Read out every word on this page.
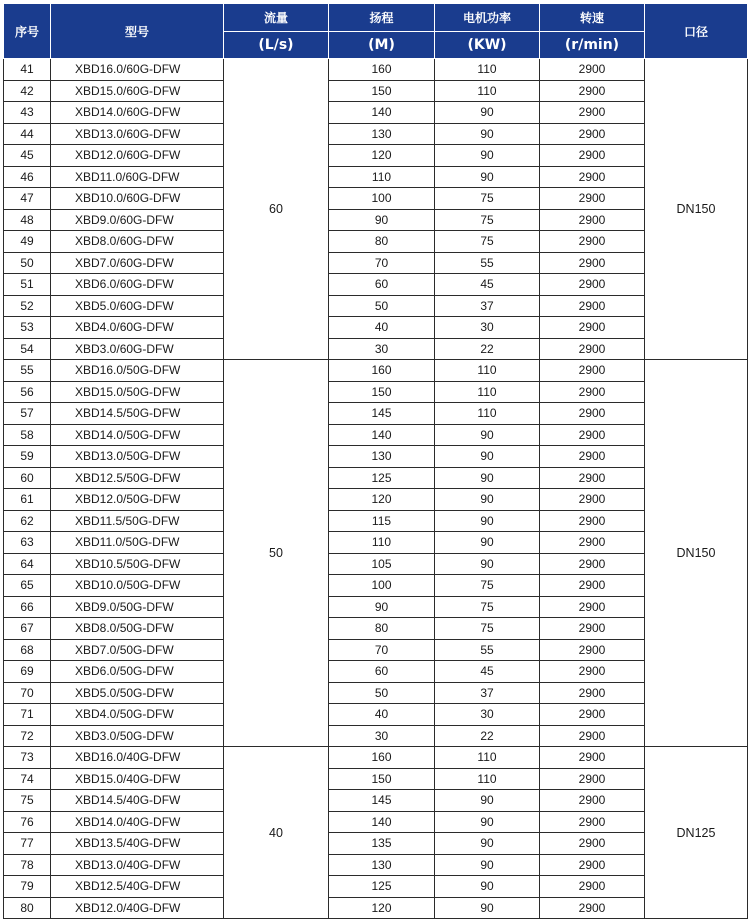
序号	型号	流量	扬程	电机功率	转速	口径
		(L/s)	(M)	(KW)	(r/min)	
41	XBD16.0/60G-DFW	60	160	110	2900	DN150
42	XBD15.0/60G-DFW		150	110	2900	
43	XBD14.0/60G-DFW		140	90	2900	
44	XBD13.0/60G-DFW		130	90	2900	
45	XBD12.0/60G-DFW		120	90	2900	
46	XBD11.0/60G-DFW		110	90	2900	
47	XBD10.0/60G-DFW		100	75	2900	
48	XBD9.0/60G-DFW		90	75	2900	
49	XBD8.0/60G-DFW		80	75	2900	
50	XBD7.0/60G-DFW		70	55	2900	
51	XBD6.0/60G-DFW		60	45	2900	
52	XBD5.0/60G-DFW		50	37	2900	
53	XBD4.0/60G-DFW		40	30	2900	
54	XBD3.0/60G-DFW		30	22	2900	
55	XBD16.0/50G-DFW	50	160	110	2900	DN150
56	XBD15.0/50G-DFW		150	110	2900	
57	XBD14.5/50G-DFW		145	110	2900	
58	XBD14.0/50G-DFW		140	90	2900	
59	XBD13.0/50G-DFW		130	90	2900	
60	XBD12.5/50G-DFW		125	90	2900	
61	XBD12.0/50G-DFW		120	90	2900	
62	XBD11.5/50G-DFW		115	90	2900	
63	XBD11.0/50G-DFW		110	90	2900	
64	XBD10.5/50G-DFW		105	90	2900	
65	XBD10.0/50G-DFW		100	75	2900	
66	XBD9.0/50G-DFW		90	75	2900	
67	XBD8.0/50G-DFW		80	75	2900	
68	XBD7.0/50G-DFW		70	55	2900	
69	XBD6.0/50G-DFW		60	45	2900	
70	XBD5.0/50G-DFW		50	37	2900	
71	XBD4.0/50G-DFW		40	30	2900	
72	XBD3.0/50G-DFW		30	22	2900	
73	XBD16.0/40G-DFW	40	160	110	2900	DN125
74	XBD15.0/40G-DFW		150	110	2900	
75	XBD14.5/40G-DFW		145	90	2900	
76	XBD14.0/40G-DFW		140	90	2900	
77	XBD13.5/40G-DFW		135	90	2900	
78	XBD13.0/40G-DFW		130	90	2900	
79	XBD12.5/40G-DFW		125	90	2900	
80	XBD12.0/40G-DFW		120	90	2900	
